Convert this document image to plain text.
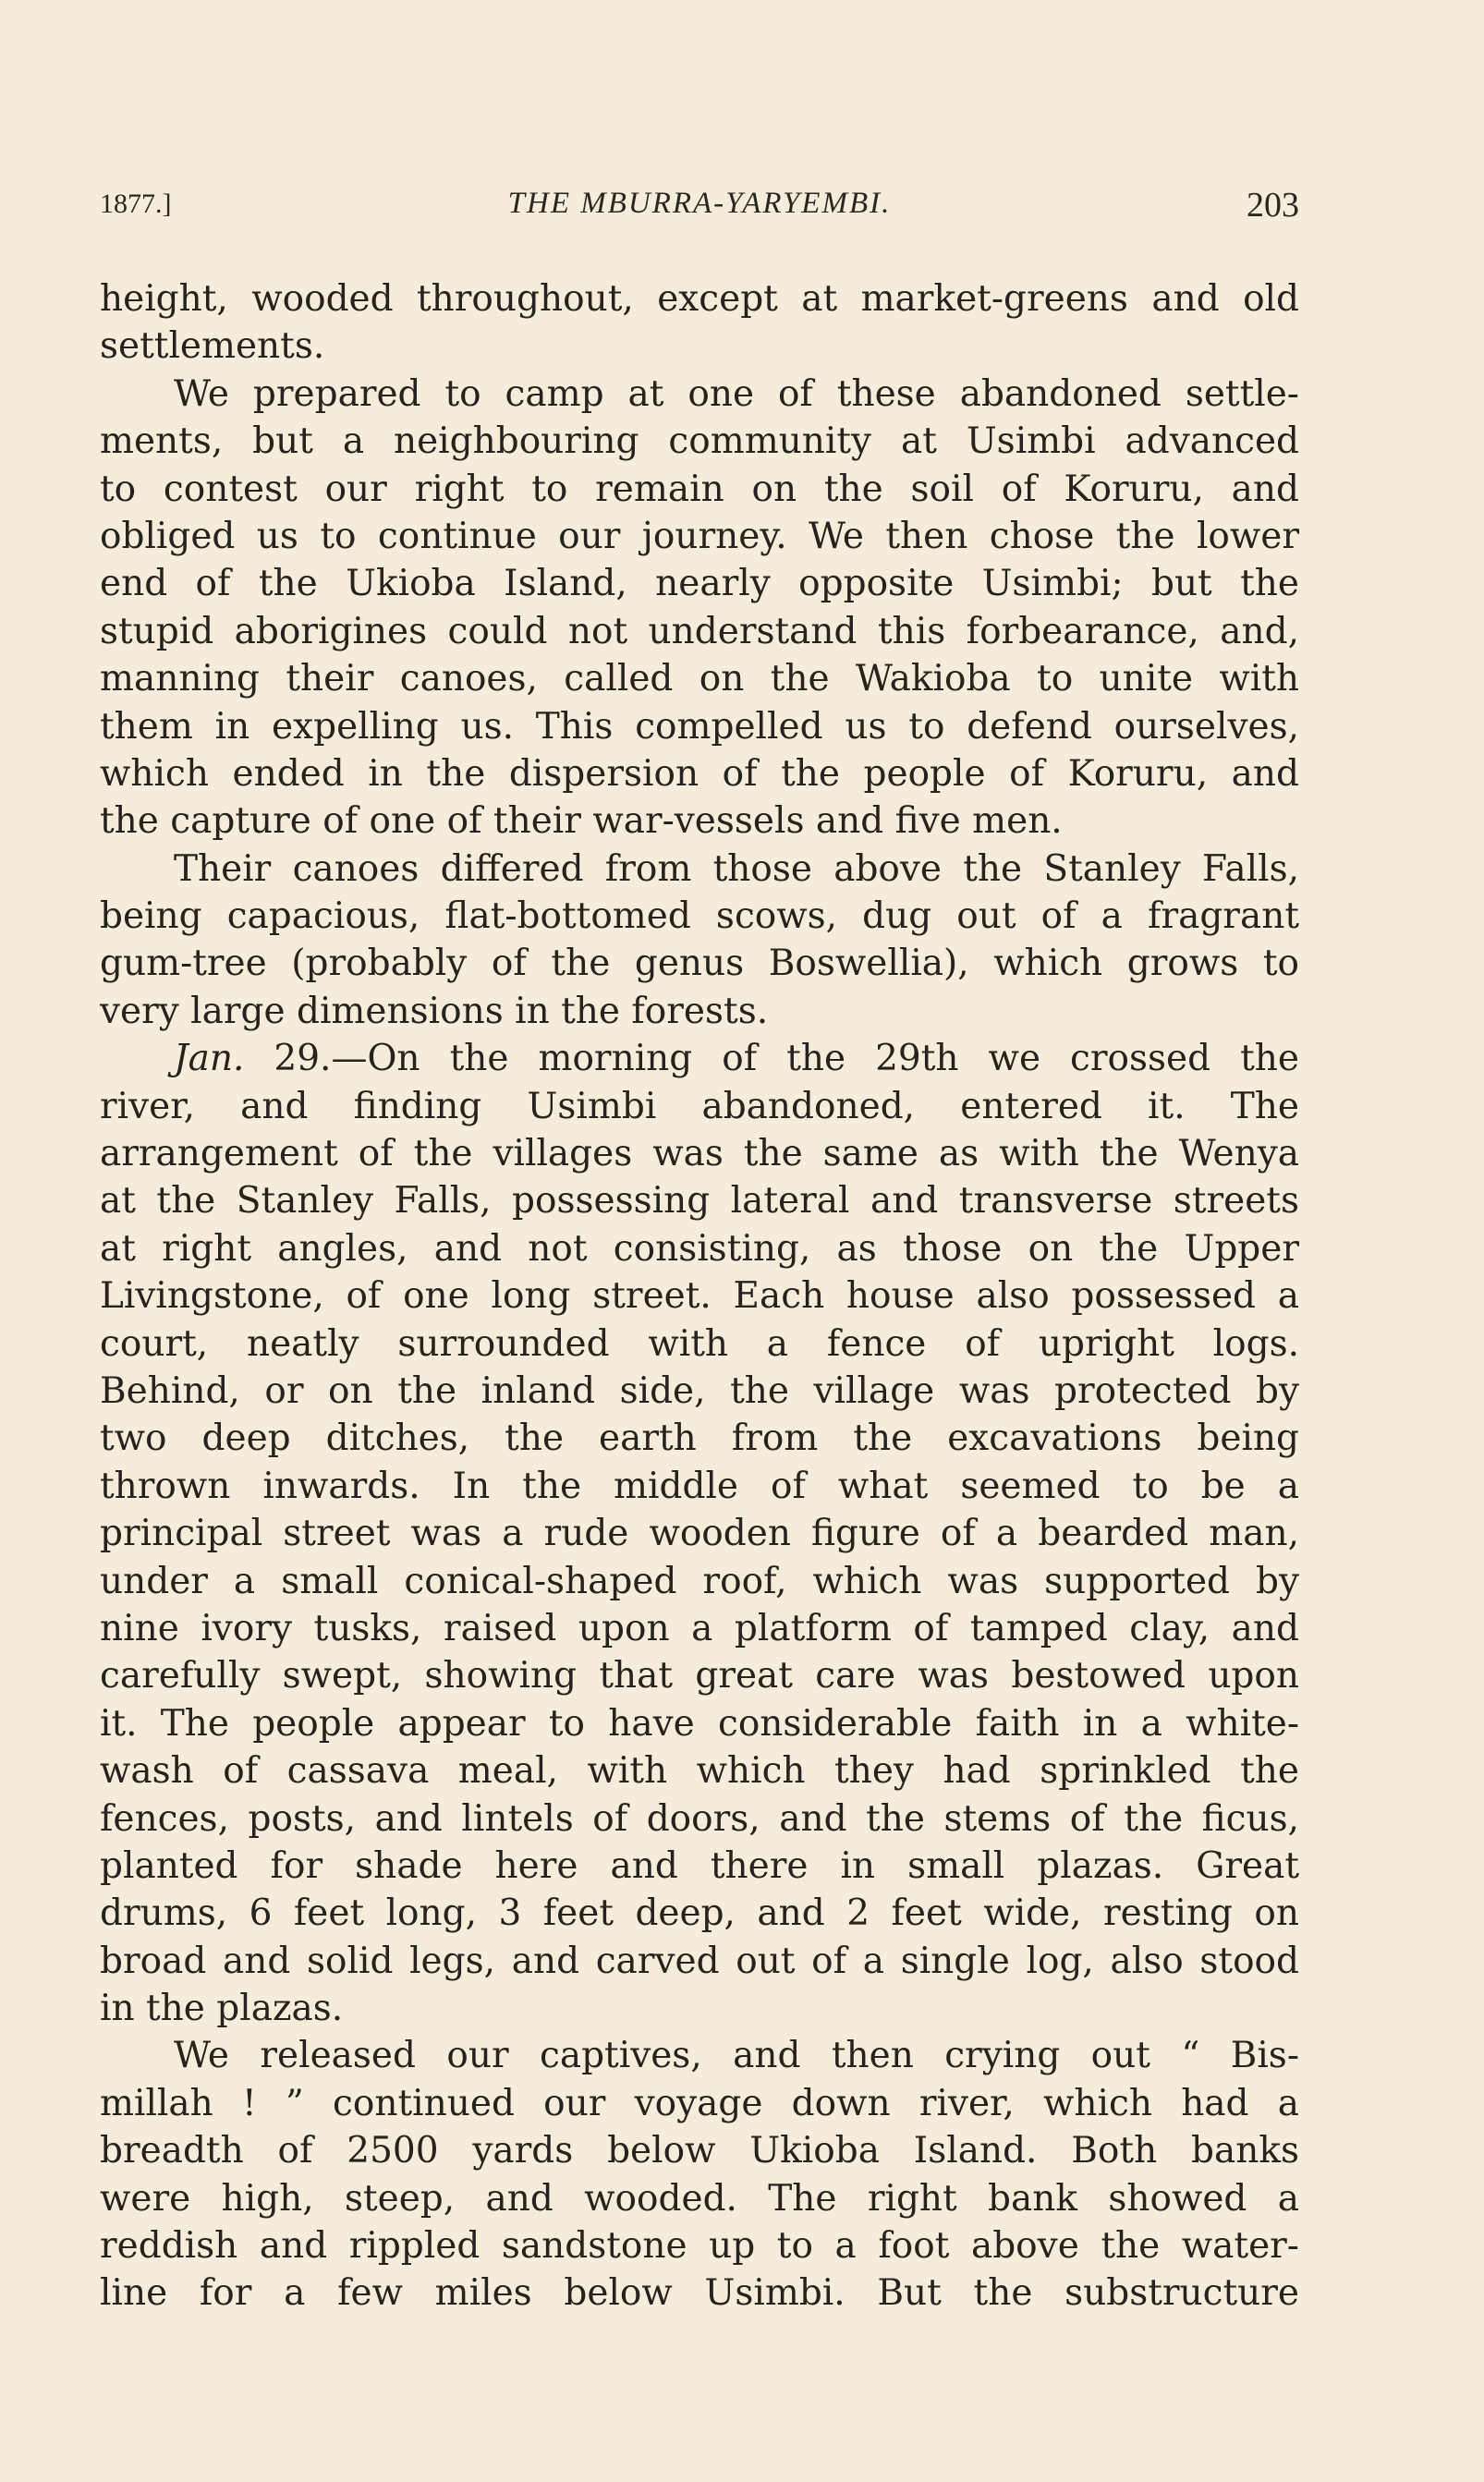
1877.]	THE MBURRA-YARYEMBI.	203
height, wooded throughout, except at market-greens and old
settlements.
We prepared to camp at one of these abandoned settle-
ments, but a neighbouring community at Usimbi advanced
to contest our right to remain on the soil of Koruru, and
obliged us to continue our journey. We then chose the lower
end of the Ukioba Island, nearly opposite Usimbi; but the
stupid aborigines could not understand this forbearance, and,
manning their canoes, called on the Wakioba to unite with
them in expelling us. This compelled us to defend ourselves,
which ended in the dispersion of the people of Koruru, and
the capture of one of their war-vessels and five men.
Their canoes differed from those above the Stanley Falls,
being capacious, flat-bottomed scows, dug out of a fragrant
gum-tree (probably of the genus Boswellia), which grows to
very large dimensions in the forests.
Jan. 29.—On the morning of the 29th we crossed the
river, and finding Usimbi abandoned, entered it. The
arrangement of the villages was the same as with the Wenya
at the Stanley Falls, possessing lateral and transverse streets
at right angles, and not consisting, as those on the Upper
Livingstone, of one long street. Each house also possessed a
court, neatly surrounded with a fence of upright logs.
Behind, or on the inland side, the village was protected by
two deep ditches, the earth from the excavations being
thrown inwards. In the middle of what seemed to be a
principal street was a rude wooden figure of a bearded man,
under a small conical-shaped roof, which was supported by
nine ivory tusks, raised upon a platform of tamped clay, and
carefully swept, showing that great care was bestowed upon
it. The people appear to have considerable faith in a white-
wash of cassava meal, with which they had sprinkled the
fences, posts, and lintels of doors, and the stems of the ficus,
planted for shade here and there in small plazas. Great
drums, 6 feet long, 3 feet deep, and 2 feet wide, resting on
broad and solid legs, and carved out of a single log, also stood
in the plazas.
We released our captives, and then crying out “ Bis-
millah ! ” continued our voyage down river, which had a
breadth of 2500 yards below Ukioba Island. Both banks
were high, steep, and wooded. The right bank showed a
reddish and rippled sandstone up to a foot above the water-
line for a few miles below Usimbi. But the substructure
